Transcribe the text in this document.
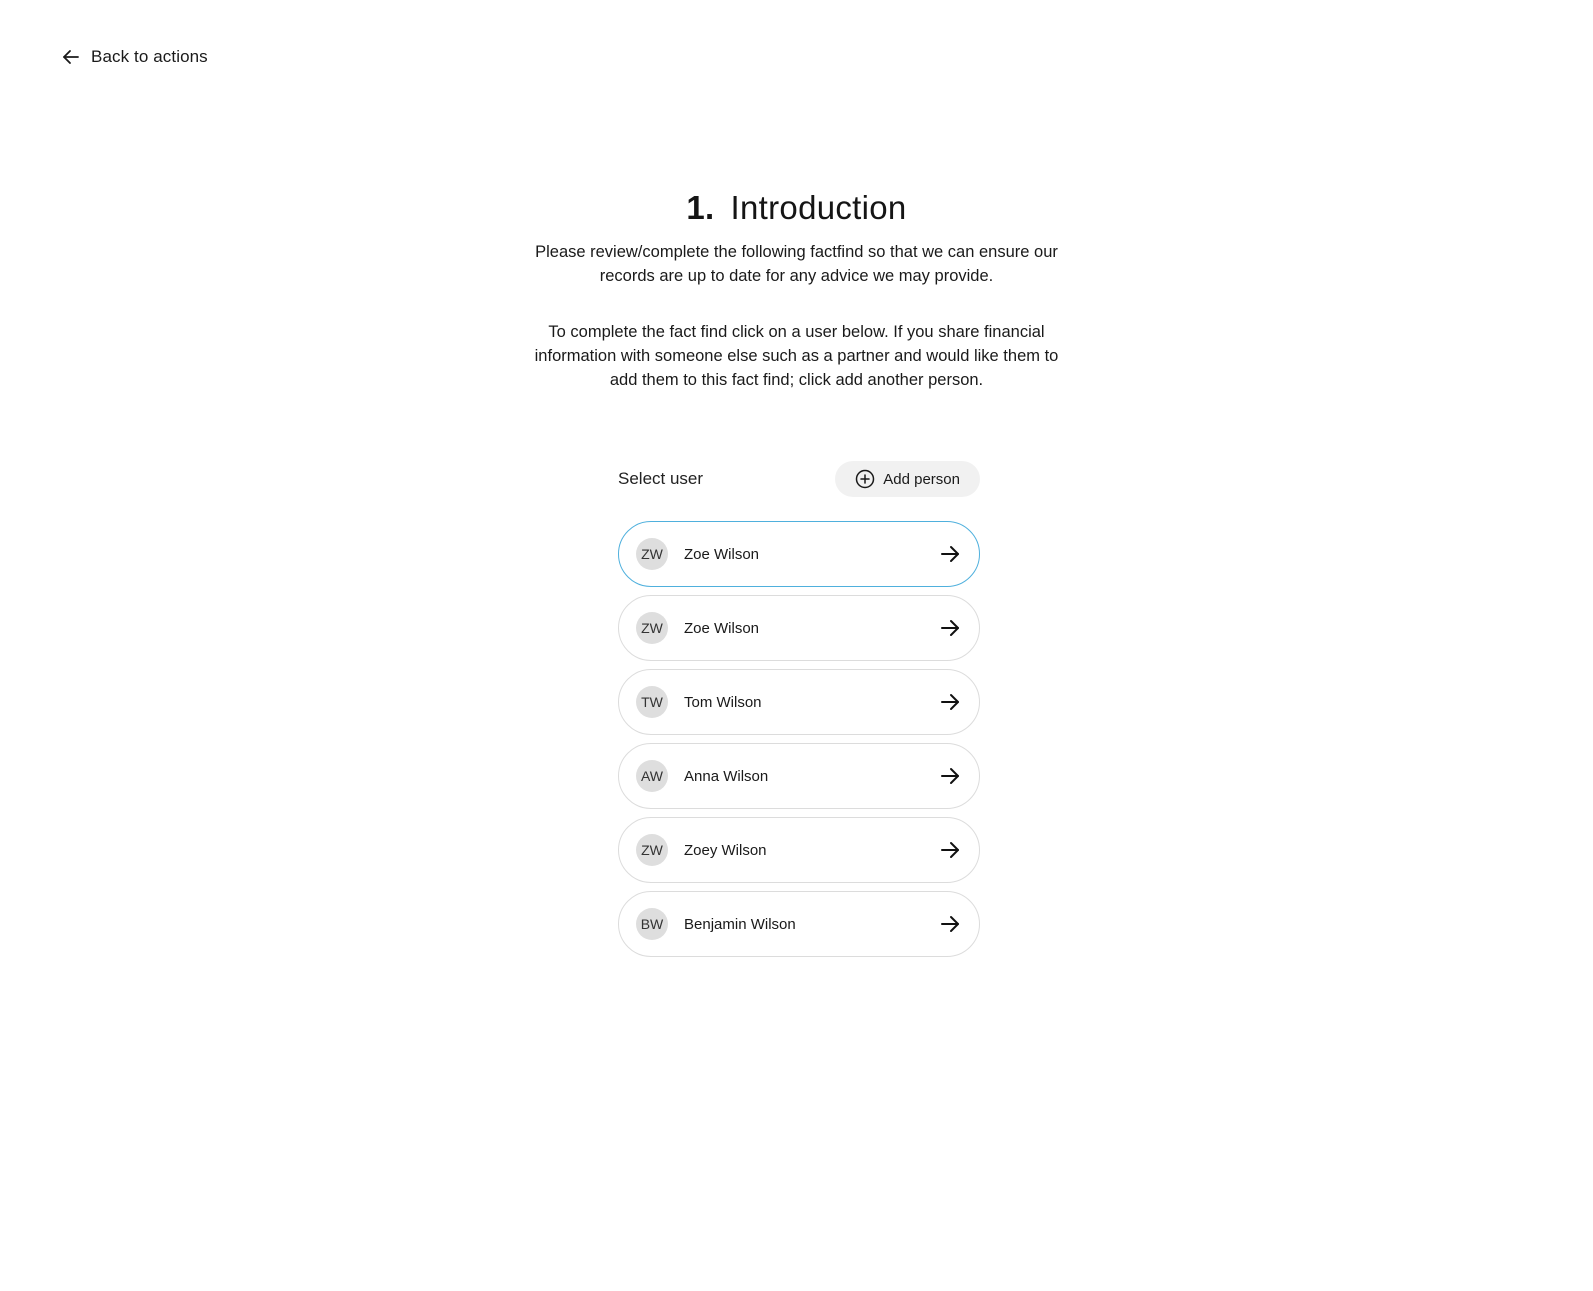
Back to actions
1. Introduction

Please review/complete the following factfind so that we can ensure our records are up to date for any advice we may provide.

To complete the fact find click on a user below. If you share financial information with someone else such as a partner and would like them to add them to this fact find; click add another person.

Select user	Add person
ZW	Zoe Wilson
ZW	Zoe Wilson
TW	Tom Wilson
AW	Anna Wilson
ZW	Zoey Wilson
BW	Benjamin Wilson
